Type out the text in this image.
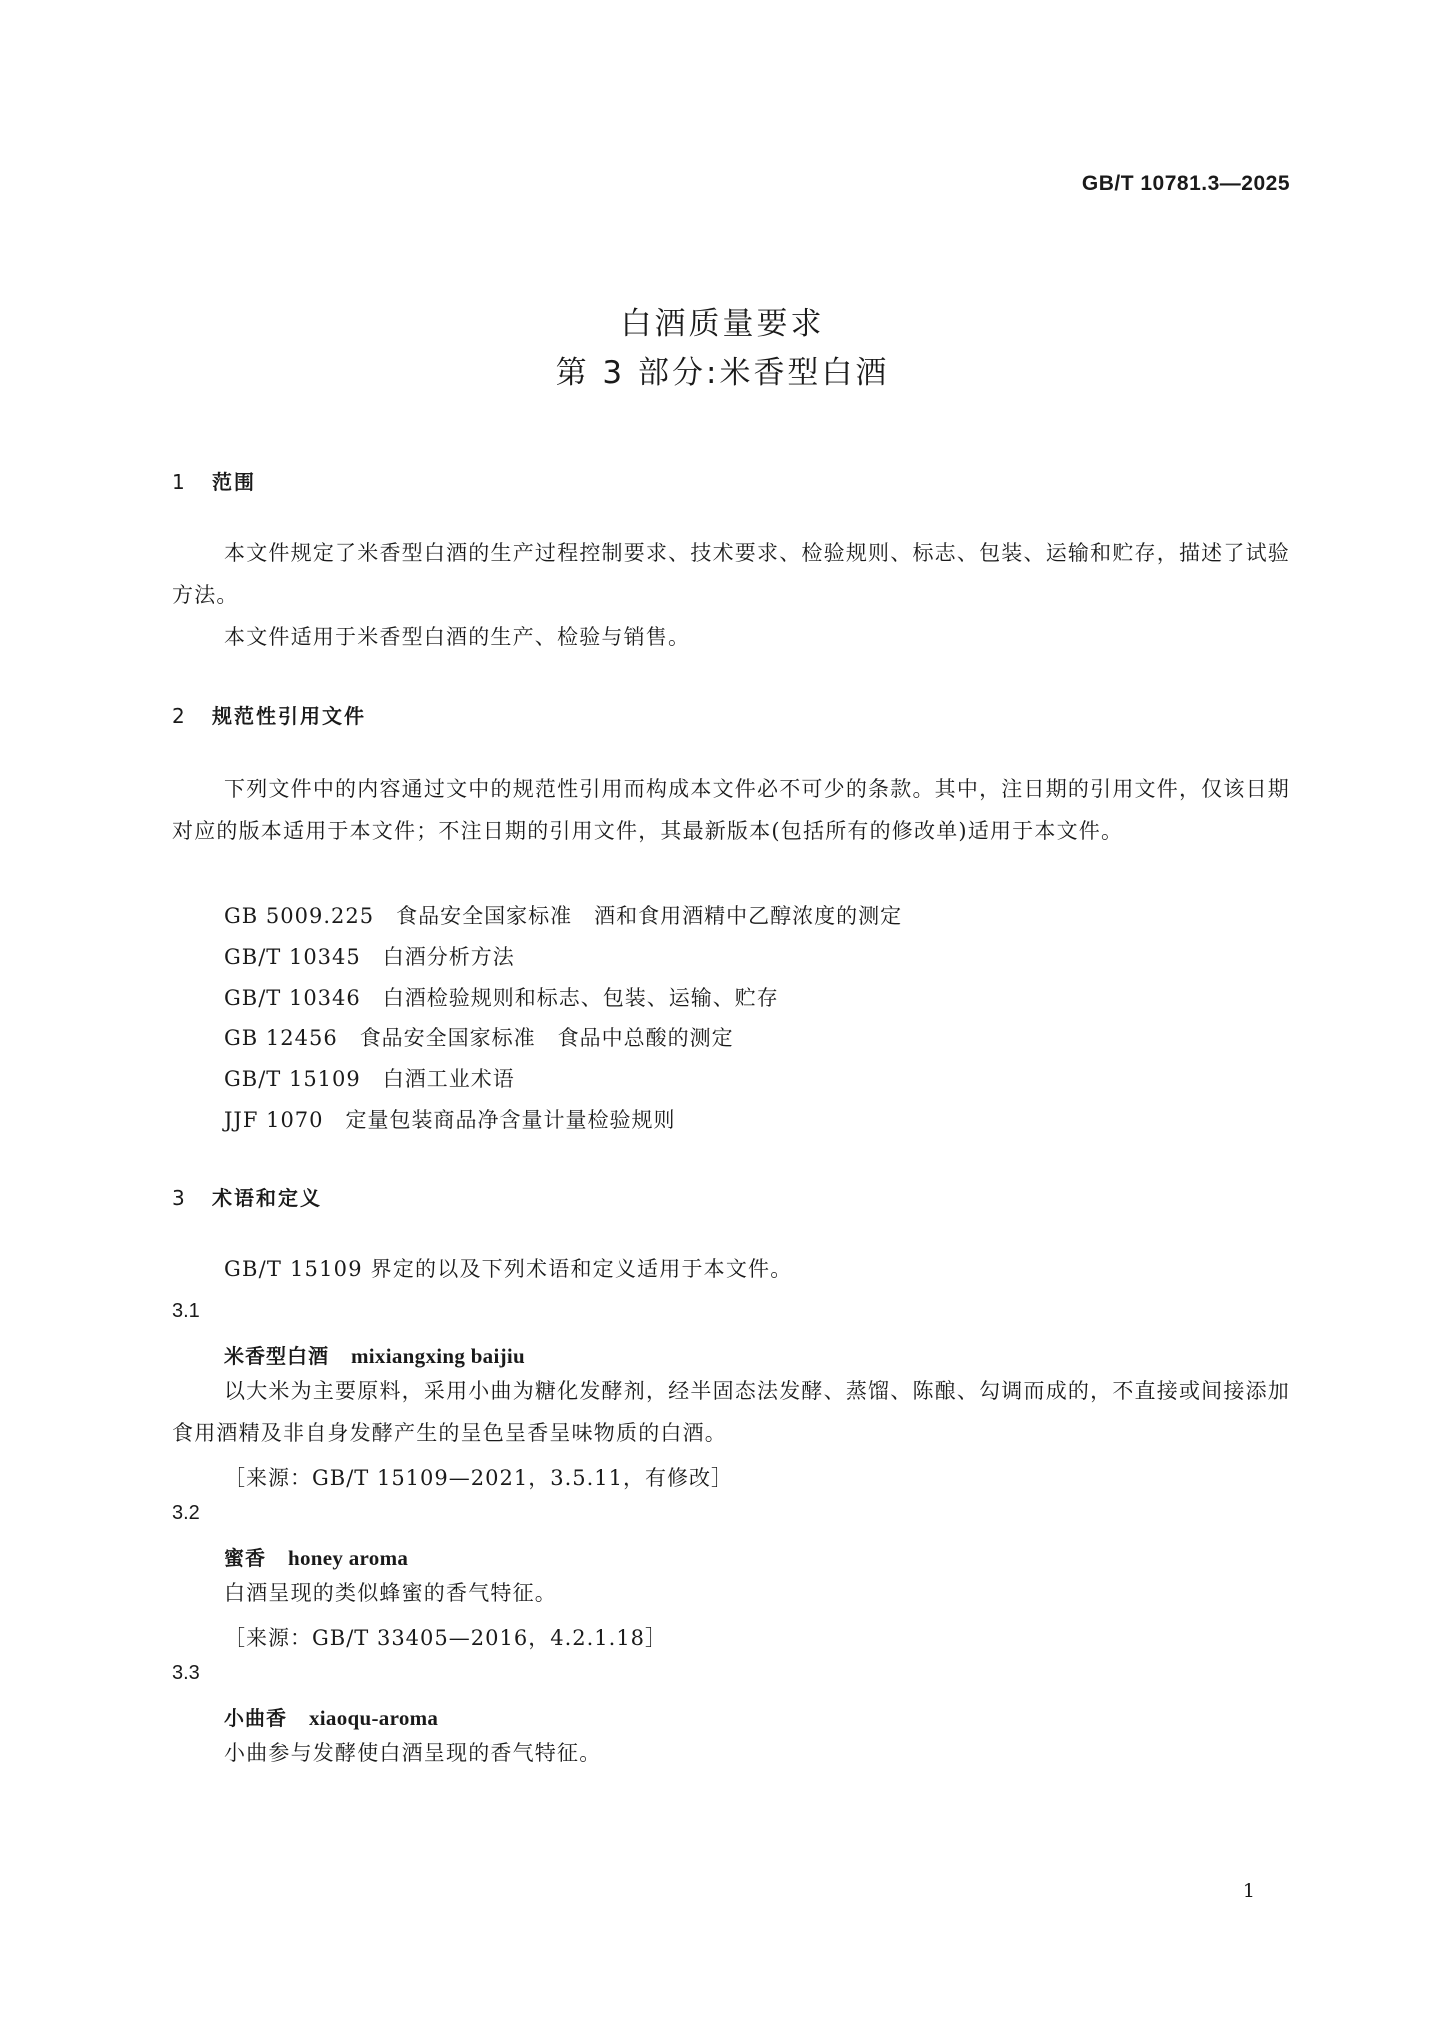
GB/T 10781.3—2025
白酒质量要求
第 3 部分:米香型白酒
1 范围
本文件规定了米香型白酒的生产过程控制要求、技术要求、检验规则、标志、包装、运输和贮存，描述了试验方法。
本文件适用于米香型白酒的生产、检验与销售。
2 规范性引用文件
下列文件中的内容通过文中的规范性引用而构成本文件必不可少的条款。其中，注日期的引用文件，仅该日期对应的版本适用于本文件；不注日期的引用文件，其最新版本(包括所有的修改单)适用于本文件。
GB 5009.225 食品安全国家标准　酒和食用酒精中乙醇浓度的测定
GB/T 10345 白酒分析方法
GB/T 10346 白酒检验规则和标志、包装、运输、贮存
GB 12456 食品安全国家标准　食品中总酸的测定
GB/T 15109 白酒工业术语
JJF 1070 定量包装商品净含量计量检验规则
3 术语和定义
GB/T 15109 界定的以及下列术语和定义适用于本文件。
3.1
米香型白酒 mixiangxing baijiu
以大米为主要原料，采用小曲为糖化发酵剂，经半固态法发酵、蒸馏、陈酿、勾调而成的，不直接或间接添加食用酒精及非自身发酵产生的呈色呈香呈味物质的白酒。
［来源：GB/T 15109—2021，3.5.11，有修改］
3.2
蜜香 honey aroma
白酒呈现的类似蜂蜜的香气特征。
［来源：GB/T 33405—2016，4.2.1.18］
3.3
小曲香 xiaoqu-aroma
小曲参与发酵使白酒呈现的香气特征。
1
